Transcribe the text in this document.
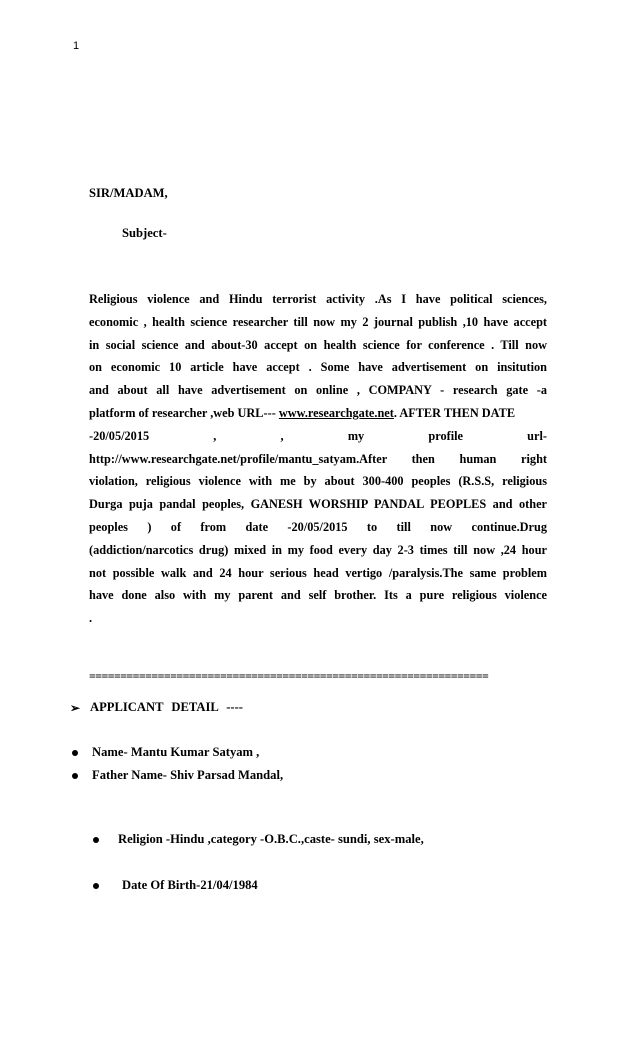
1
SIR/MADAM,
Subject-
Religious violence and Hindu terrorist activity .As I have political sciences,
economic , health science researcher till now my 2 journal publish ,10 have accept
in social science and about-30 accept on health science for conference . Till now
on economic 10 article have accept . Some have advertisement on insitution
and about all have advertisement on online , COMPANY - research gate -a
platform of researcher ,web URL--- www.researchgate.net. AFTER THEN DATE
-20/05/2015 , , my profile url-
http://www.researchgate.net/profile/mantu_satyam.After then human right
violation, religious violence with me by about 300-400 peoples (R.S.S, religious
Durga puja pandal peoples, GANESH WORSHIP PANDAL PEOPLES and other
peoples ) of from date -20/05/2015 to till now continue.Drug
(addiction/narcotics drug) mixed in my food every day 2-3 times till now ,24 hour
not possible walk and 24 hour serious head vertigo /paralysis.The same problem
have done also with my parent and self brother. Its a pure religious violence
.
================================================================
➢ APPLICANT DETAIL ----
Name- Mantu Kumar Satyam ,
Father Name- Shiv Parsad Mandal,
Religion -Hindu ,category -O.B.C.,caste- sundi, sex-male,
Date Of Birth-21/04/1984
